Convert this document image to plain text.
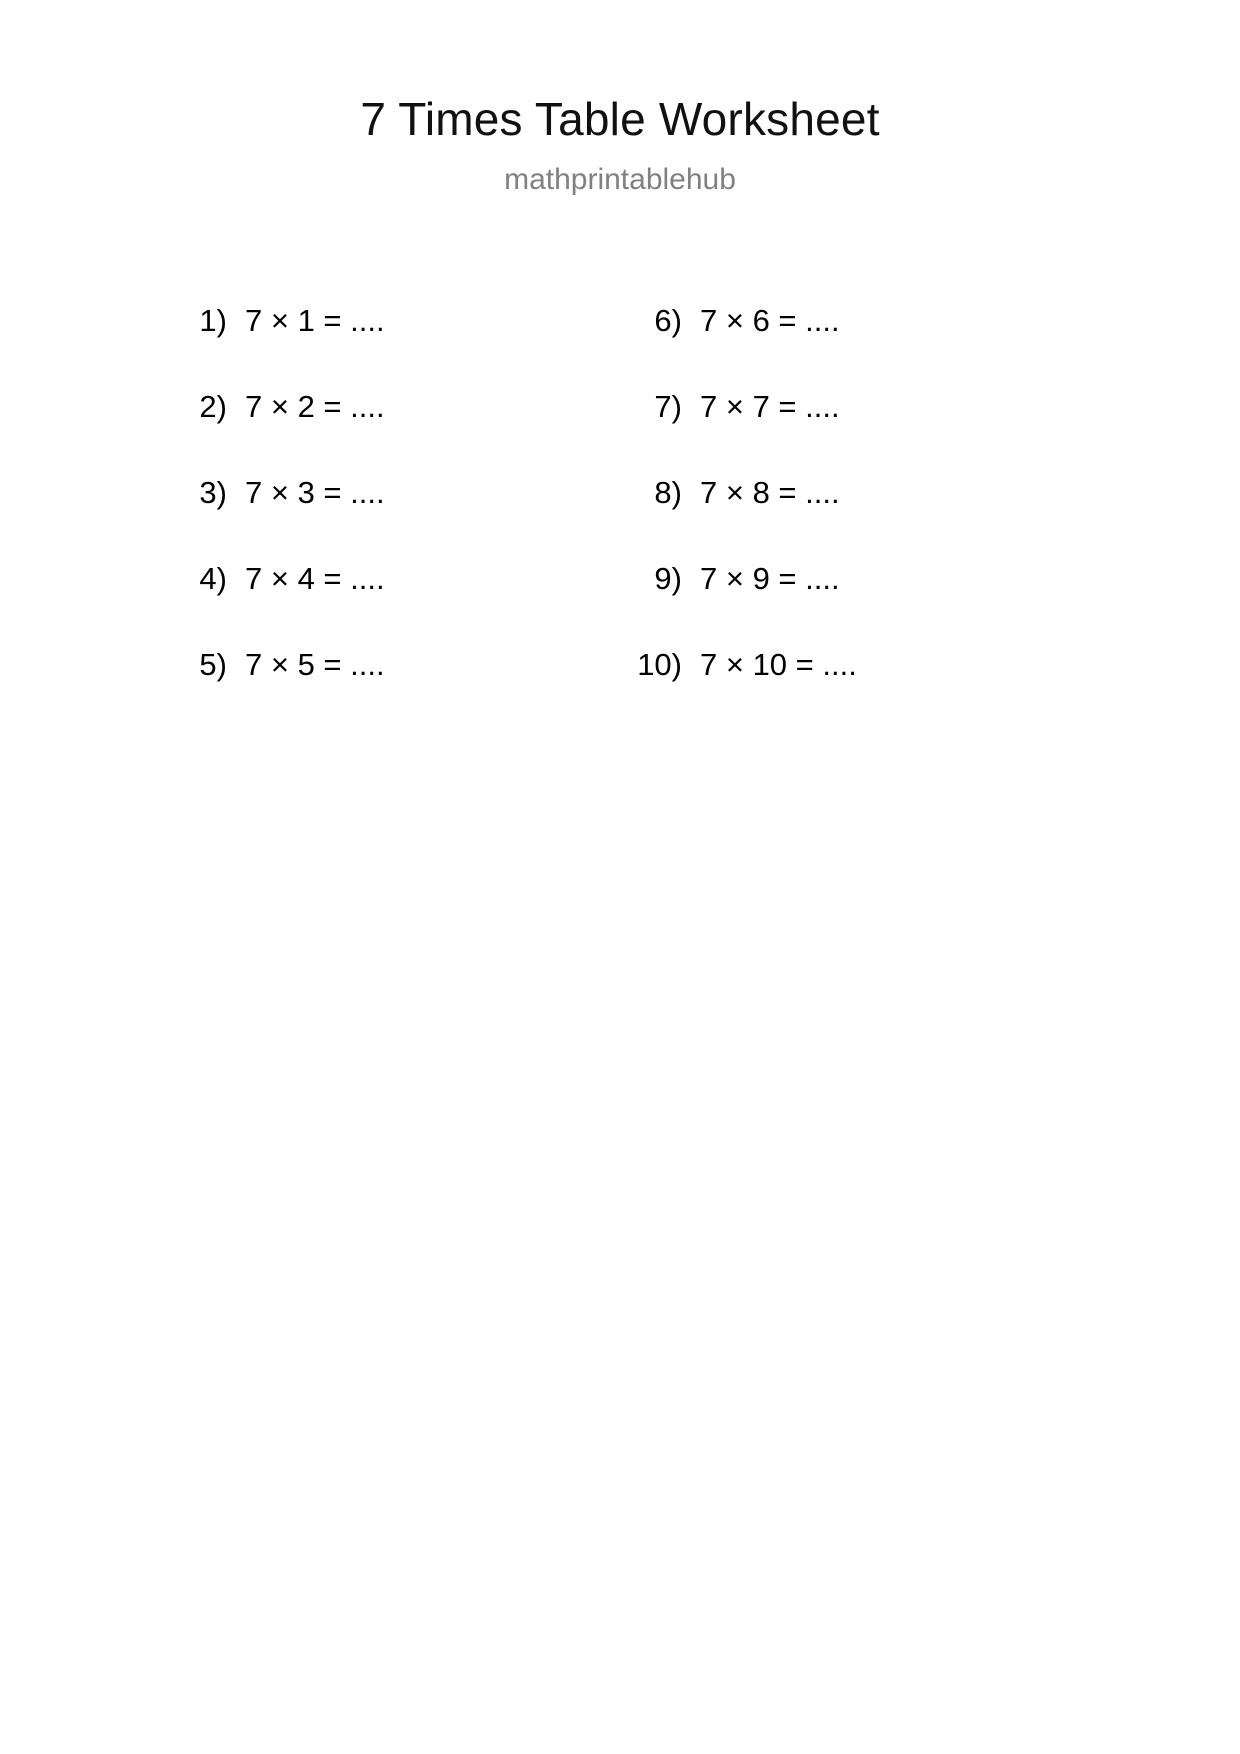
7 Times Table Worksheet
mathprintablehub
1) 7 × 1 = ....
2) 7 × 2 = ....
3) 7 × 3 = ....
4) 7 × 4 = ....
5) 7 × 5 = ....
6) 7 × 6 = ....
7) 7 × 7 = ....
8) 7 × 8 = ....
9) 7 × 9 = ....
10) 7 × 10 = ....
